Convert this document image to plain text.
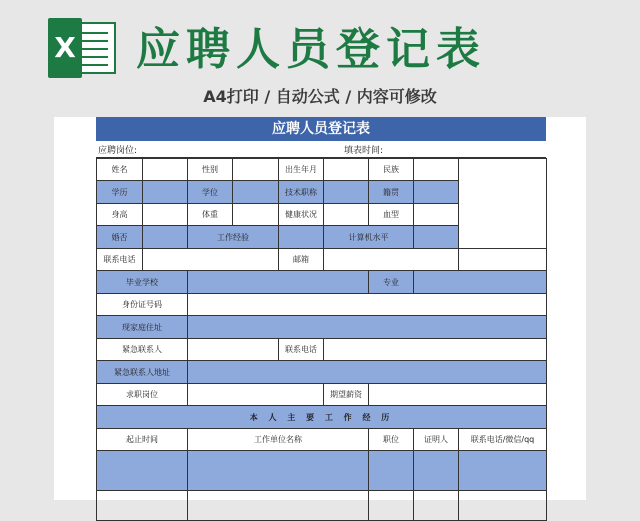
X 应聘人员登记表
A4打印 / 自动公式 / 内容可修改
应聘人员登记表
应聘岗位:	填表时间:
姓名		性别		出生年月		民族		
学历		学位		技术职称		籍贯		
身高		体重		健康状况		血型		
婚否		工作经验			计算机水平			
联系电话				邮箱				
毕业学校						专业		
身份证号码								
现家庭住址								
紧急联系人				联系电话				
紧急联系人地址								
求职岗位					期望薪资			
本 人 主 要 工 作 经 历								
起止时间		工作单位名称				职位	证明人	联系电话/微信/qq
